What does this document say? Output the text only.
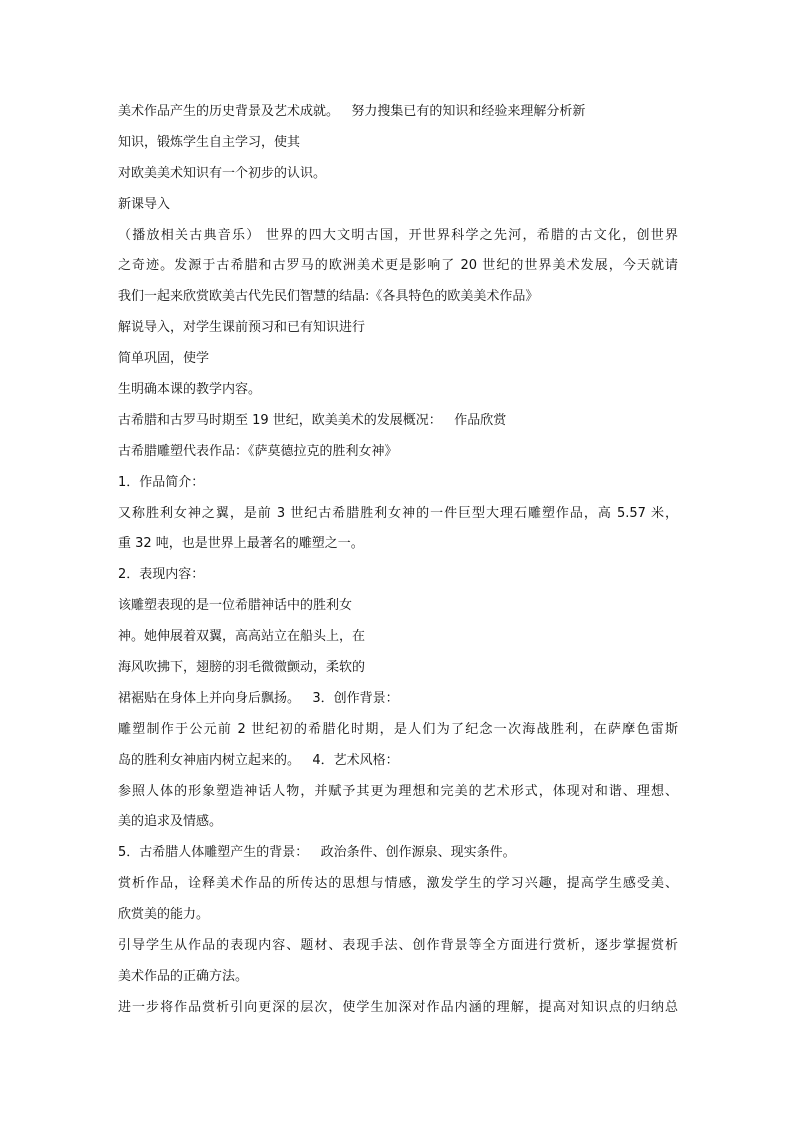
美术作品产生的历史背景及艺术成就。   努力搜集已有的知识和经验来理解分析新
知识，锻炼学生自主学习，使其
对欧美美术知识有一个初步的认识。
新课导入
（播放相关古典音乐） 世界的四大文明古国，开世界科学之先河，希腊的古文化，创世界
之奇迹。发源于古希腊和古罗马的欧洲美术更是影响了 20 世纪的世界美术发展，今天就请
我们一起来欣赏欧美古代先民们智慧的结晶:《各具特色的欧美美术作品》
解说导入，对学生课前预习和已有知识进行
简单巩固，使学
生明确本课的教学内容。
古希腊和古罗马时期至 19 世纪，欧美美术的发展概况：   作品欣赏
古希腊雕塑代表作品：《萨莫德拉克的胜利女神》
1．作品简介：
又称胜利女神之翼，是前 3 世纪古希腊胜利女神的一件巨型大理石雕塑作品，高 5.57 米，
重 32 吨，也是世界上最著名的雕塑之一。
2．表现内容：
该雕塑表现的是一位希腊神话中的胜利女
神。她伸展着双翼，高高站立在船头上，在
海风吹拂下，翅膀的羽毛微微颤动，柔软的
裙裾贴在身体上并向身后飘扬。   3．创作背景：
雕塑制作于公元前 2 世纪初的希腊化时期，是人们为了纪念一次海战胜利，在萨摩色雷斯
岛的胜利女神庙内树立起来的。   4．艺术风格：
参照人体的形象塑造神话人物，并赋予其更为理想和完美的艺术形式，体现对和谐、理想、
美的追求及情感。
5．古希腊人体雕塑产生的背景：   政治条件、创作源泉、现实条件。
赏析作品，诠释美术作品的所传达的思想与情感，激发学生的学习兴趣，提高学生感受美、
欣赏美的能力。
引导学生从作品的表现内容、题材、表现手法、创作背景等全方面进行赏析，逐步掌握赏析
美术作品的正确方法。
进一步将作品赏析引向更深的层次，使学生加深对作品内涵的理解，提高对知识点的归纳总
